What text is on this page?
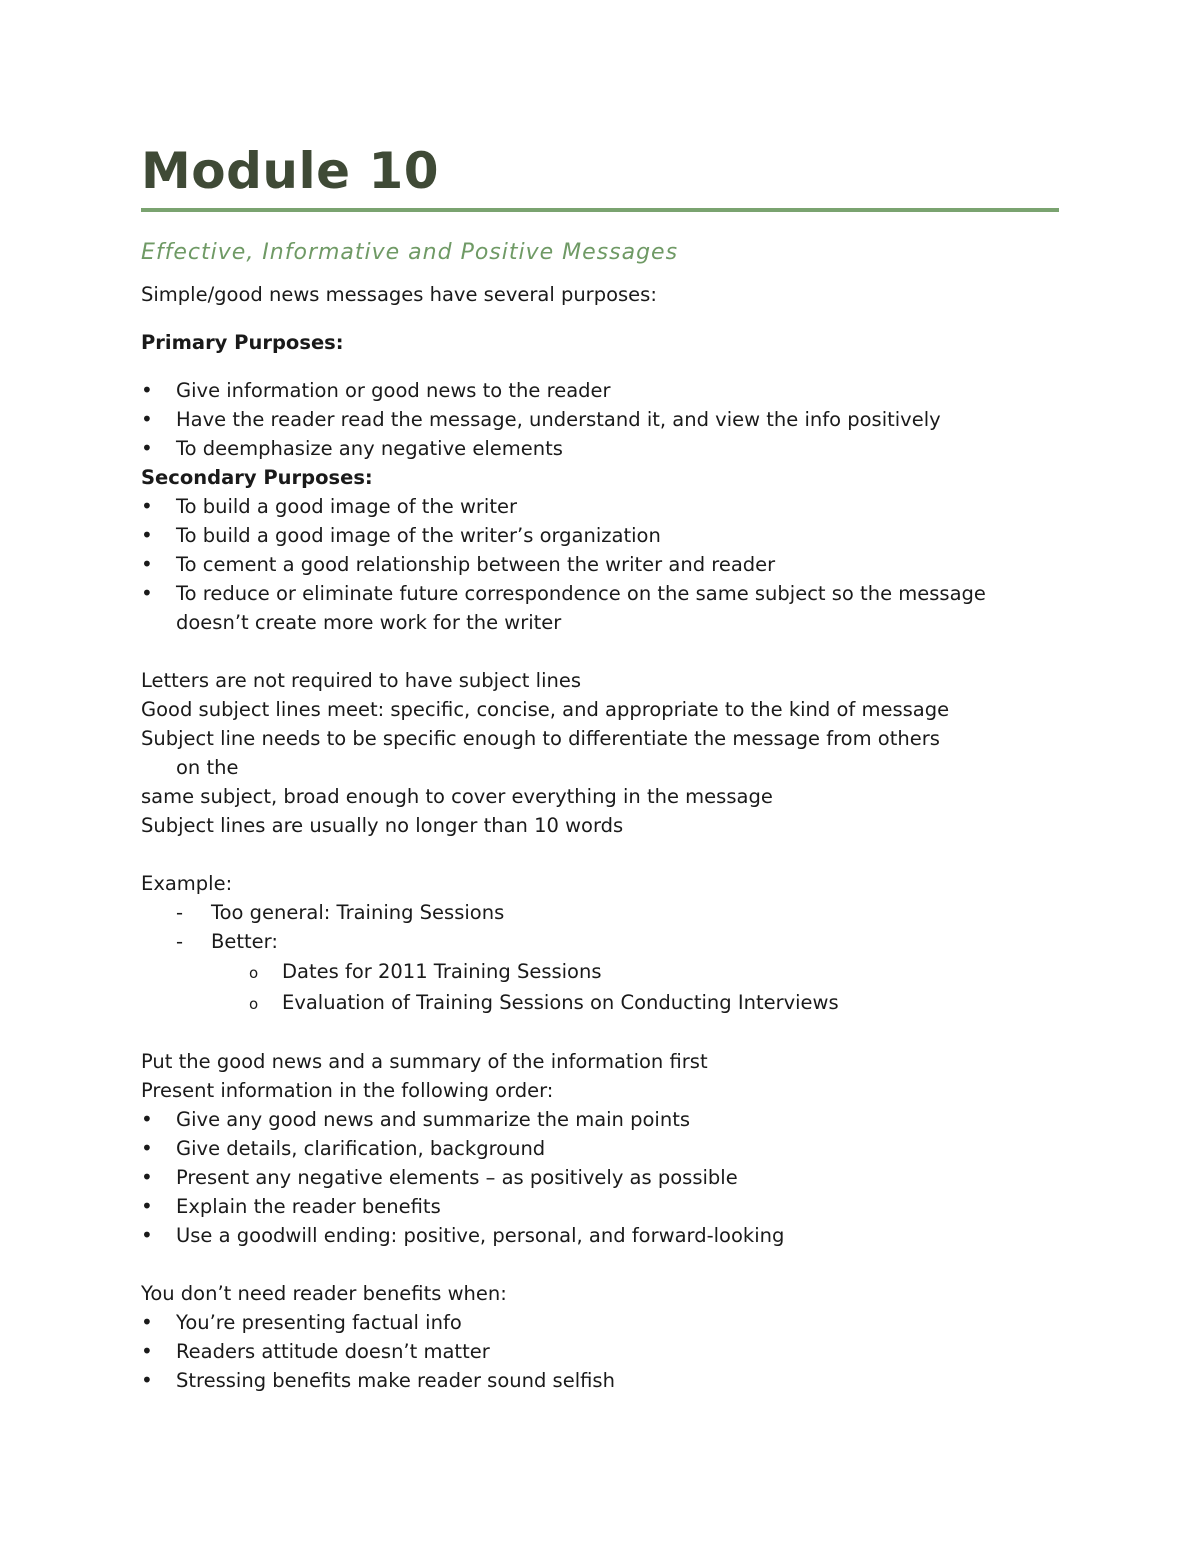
Module 10
Effective, Informative and Positive Messages

Simple/good news messages have several purposes:

Primary Purposes:

• Give information or good news to the reader
• Have the reader read the message, understand it, and view the info positively
• To deemphasize any negative elements

Secondary Purposes:

• To build a good image of the writer
• To build a good image of the writer’s organization
• To cement a good relationship between the writer and reader
• To reduce or eliminate future correspondence on the same subject so the message doesn’t create more work for the writer

Letters are not required to have subject lines

Good subject lines meet: specific, concise, and appropriate to the kind of message

Subject line needs to be specific enough to differentiate the message from others

on the

same subject, broad enough to cover everything in the message

Subject lines are usually no longer than 10 words

Example:

- Too general: Training Sessions
- Better:
o Dates for 2011 Training Sessions
o Evaluation of Training Sessions on Conducting Interviews

Put the good news and a summary of the information first

Present information in the following order:

• Give any good news and summarize the main points
• Give details, clarification, background
• Present any negative elements – as positively as possible
• Explain the reader benefits
• Use a goodwill ending: positive, personal, and forward-looking

You don’t need reader benefits when:

• You’re presenting factual info
• Readers attitude doesn’t matter
• Stressing benefits make reader sound selfish
